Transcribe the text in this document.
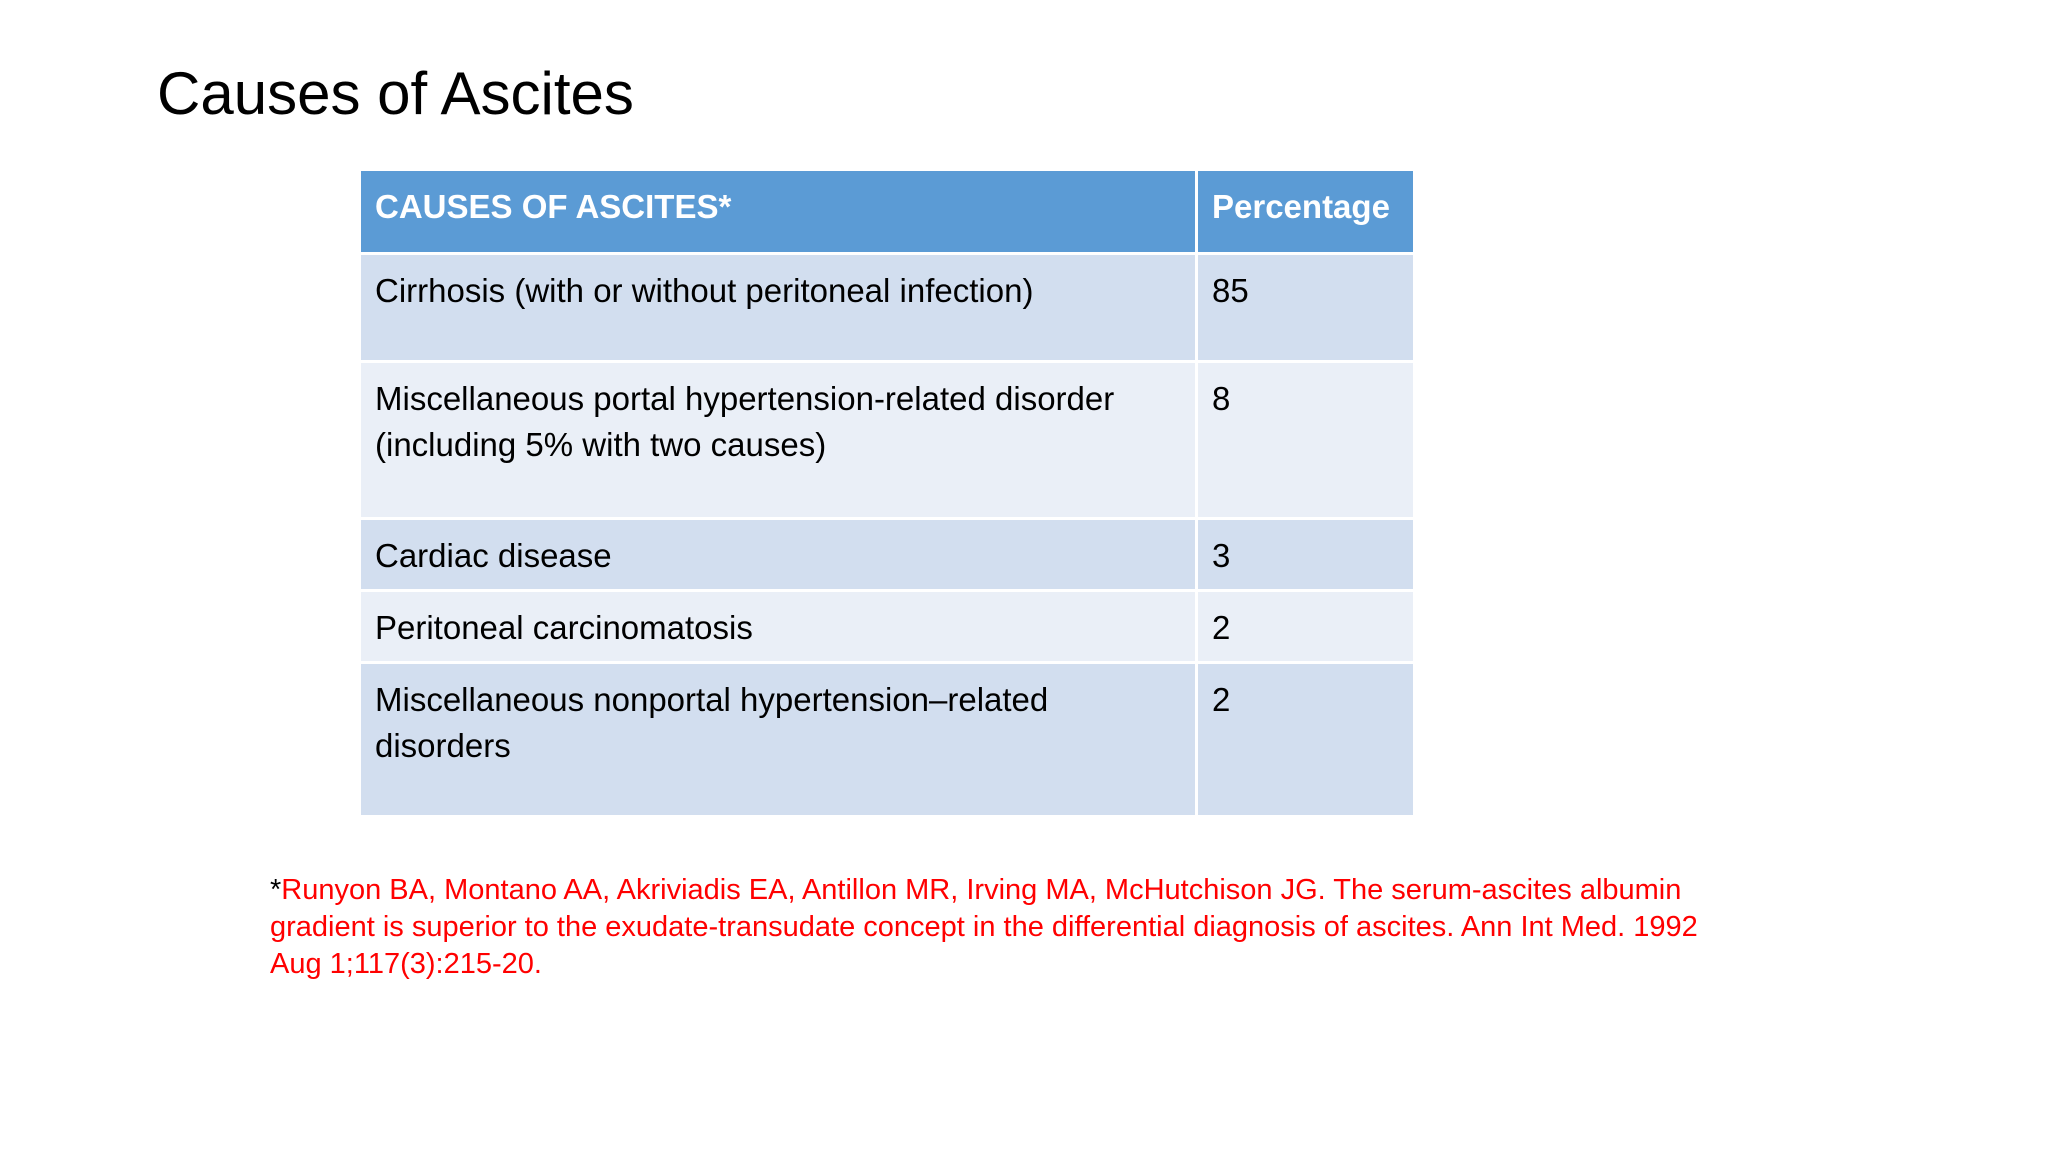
Causes of Ascites
CAUSES OF ASCITES*	Percentage
Cirrhosis (with or without peritoneal infection)	85
Miscellaneous portal hypertension-related disorder (including 5% with two causes)	8
Cardiac disease	3
Peritoneal carcinomatosis	2
Miscellaneous nonportal hypertension–related disorders	2

*Runyon BA, Montano AA, Akriviadis EA, Antillon MR, Irving MA, McHutchison JG. The serum-ascites albumin gradient is superior to the exudate-transudate concept in the differential diagnosis of ascites. Ann Int Med. 1992 Aug 1;117(3):215-20.
